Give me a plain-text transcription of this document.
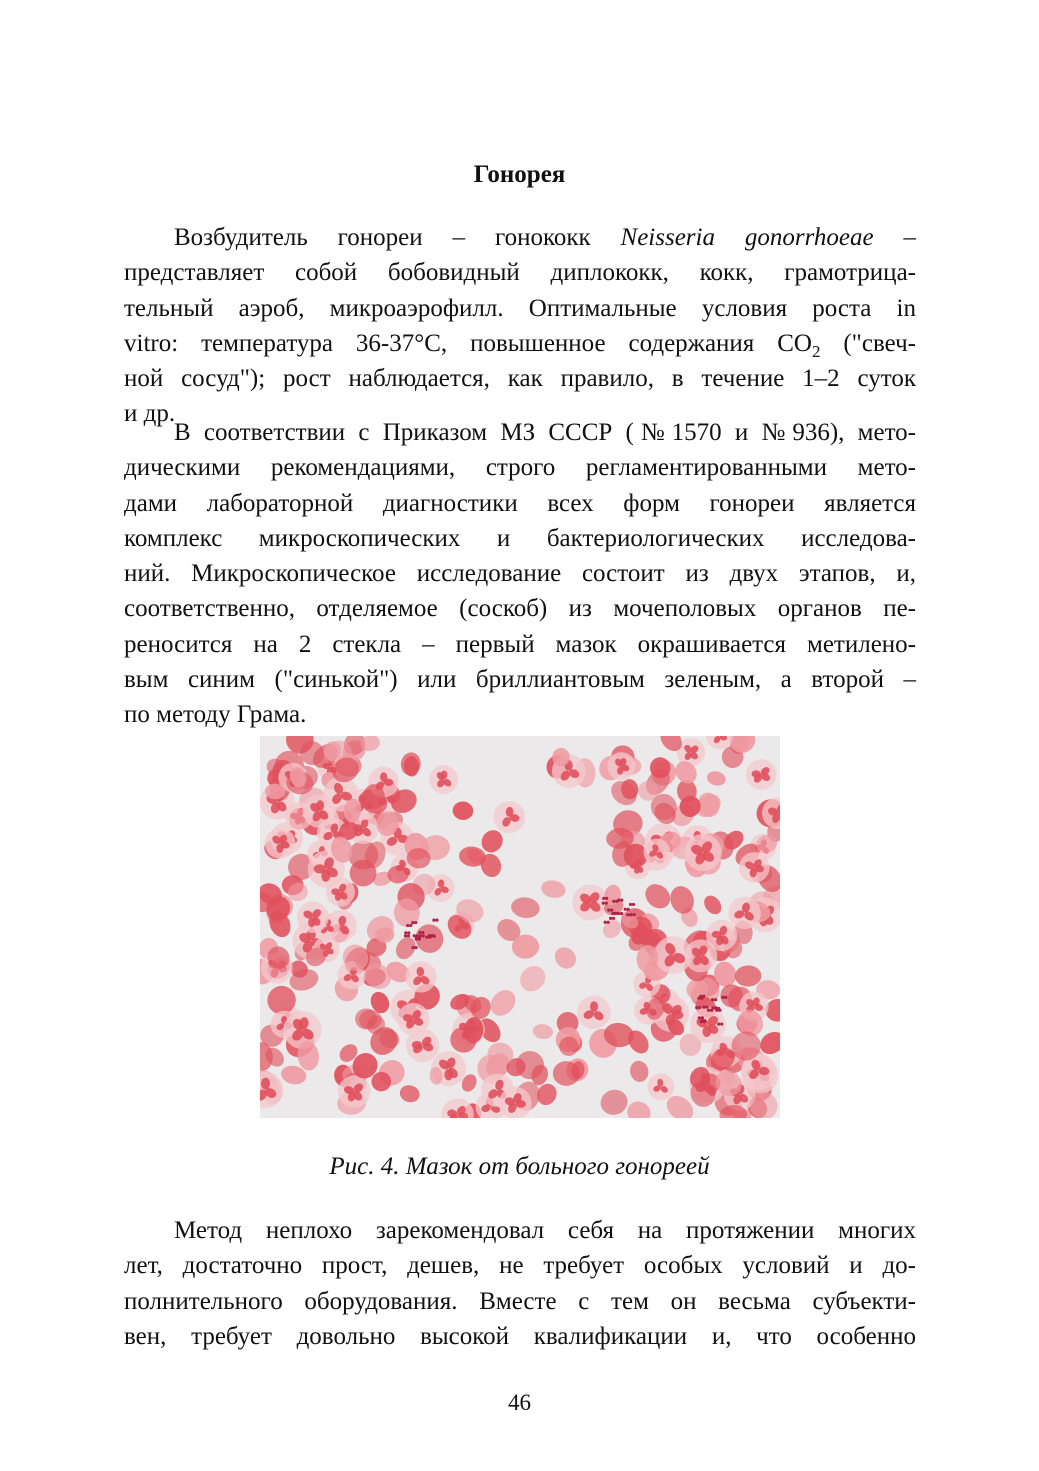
Гонорея
Возбудитель гонореи – гонококк Neisseria gonorrhoeae –
представляет собой бобовидный диплококк, кокк, грамотрица-
тельный аэроб, микроаэрофилл. Оптимальные условия роста in
vitro: температура 36-37°С, повышенное содержания $СО_2$ ("свеч-
ной сосуд"); рост наблюдается, как правило, в течение 1–2 суток
и др.
В соответствии с Приказом МЗ СССР (№1570 и №936), мето-
дическими рекомендациями, строго регламентированными мето-
дами лабораторной диагностики всех форм гонореи является
комплекс микроскопических и бактериологических исследова-
ний. Микроскопическое исследование состоит из двух этапов, и,
соответственно, отделяемое (соскоб) из мочеполовых органов пе-
реносится на 2 стекла – первый мазок окрашивается метилено-
вым синим ("синькой") или бриллиантовым зеленым, а второй –
по методу Грама.
Рис. 4. Мазок от больного гонореей
Метод неплохо зарекомендовал себя на протяжении многих
лет, достаточно прост, дешев, не требует особых условий и до-
полнительного оборудования. Вместе с тем он весьма субъекти-
вен, требует довольно высокой квалификации и, что особенно
46
